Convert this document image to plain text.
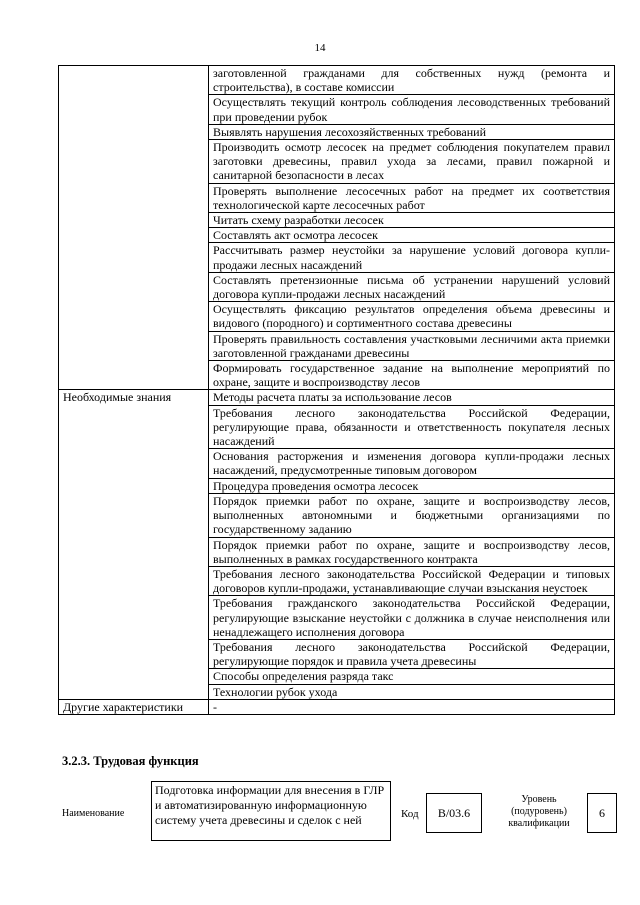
14
	заготовленной гражданами для собственных нужд (ремонта и строительства), в составе комиссии
	Осуществлять текущий контроль соблюдения лесоводственных требований при проведении рубок
	Выявлять нарушения лесохозяйственных требований
	Производить осмотр лесосек на предмет соблюдения покупателем правил заготовки древесины, правил ухода за лесами, правил пожарной и санитарной безопасности в лесах
	Проверять выполнение лесосечных работ на предмет их соответствия технологической карте лесосечных работ
	Читать схему разработки лесосек
	Составлять акт осмотра лесосек
	Рассчитывать размер неустойки за нарушение условий договора купли-продажи лесных насаждений
	Составлять претензионные письма об устранении нарушений условий договора купли-продажи лесных насаждений
	Осуществлять фиксацию результатов определения объема древесины и видового (породного) и сортиментного состава древесины
	Проверять правильность составления участковыми лесничими акта приемки заготовленной гражданами древесины
	Формировать государственное задание на выполнение мероприятий по охране, защите и воспроизводству лесов
Необходимые знания	Методы расчета платы за использование лесов
	Требования лесного законодательства Российской Федерации, регулирующие права, обязанности и ответственность покупателя лесных насаждений
	Основания расторжения и изменения договора купли-продажи лесных насаждений, предусмотренные типовым договором
	Процедура проведения осмотра лесосек
	Порядок приемки работ по охране, защите и воспроизводству лесов, выполненных автономными и бюджетными организациями по государственному заданию
	Порядок приемки работ по охране, защите и воспроизводству лесов, выполненных в рамках государственного контракта
	Требования лесного законодательства Российской Федерации и типовых договоров купли-продажи, устанавливающие случаи взыскания неустоек
	Требования гражданского законодательства Российской Федерации, регулирующие взыскание неустойки с должника в случае неисполнения или ненадлежащего исполнения договора
	Требования лесного законодательства Российской Федерации, регулирующие порядок и правила учета древесины
	Способы определения разряда такс
	Технологии рубок ухода
Другие характеристики	-
3.2.3. Трудовая функция
Наименование
Подготовка информации для внесения в ГЛР и автоматизированную информационную систему учета древесины и сделок с ней	Код B/03.6
Уровень (подуровень) квалификации
6
